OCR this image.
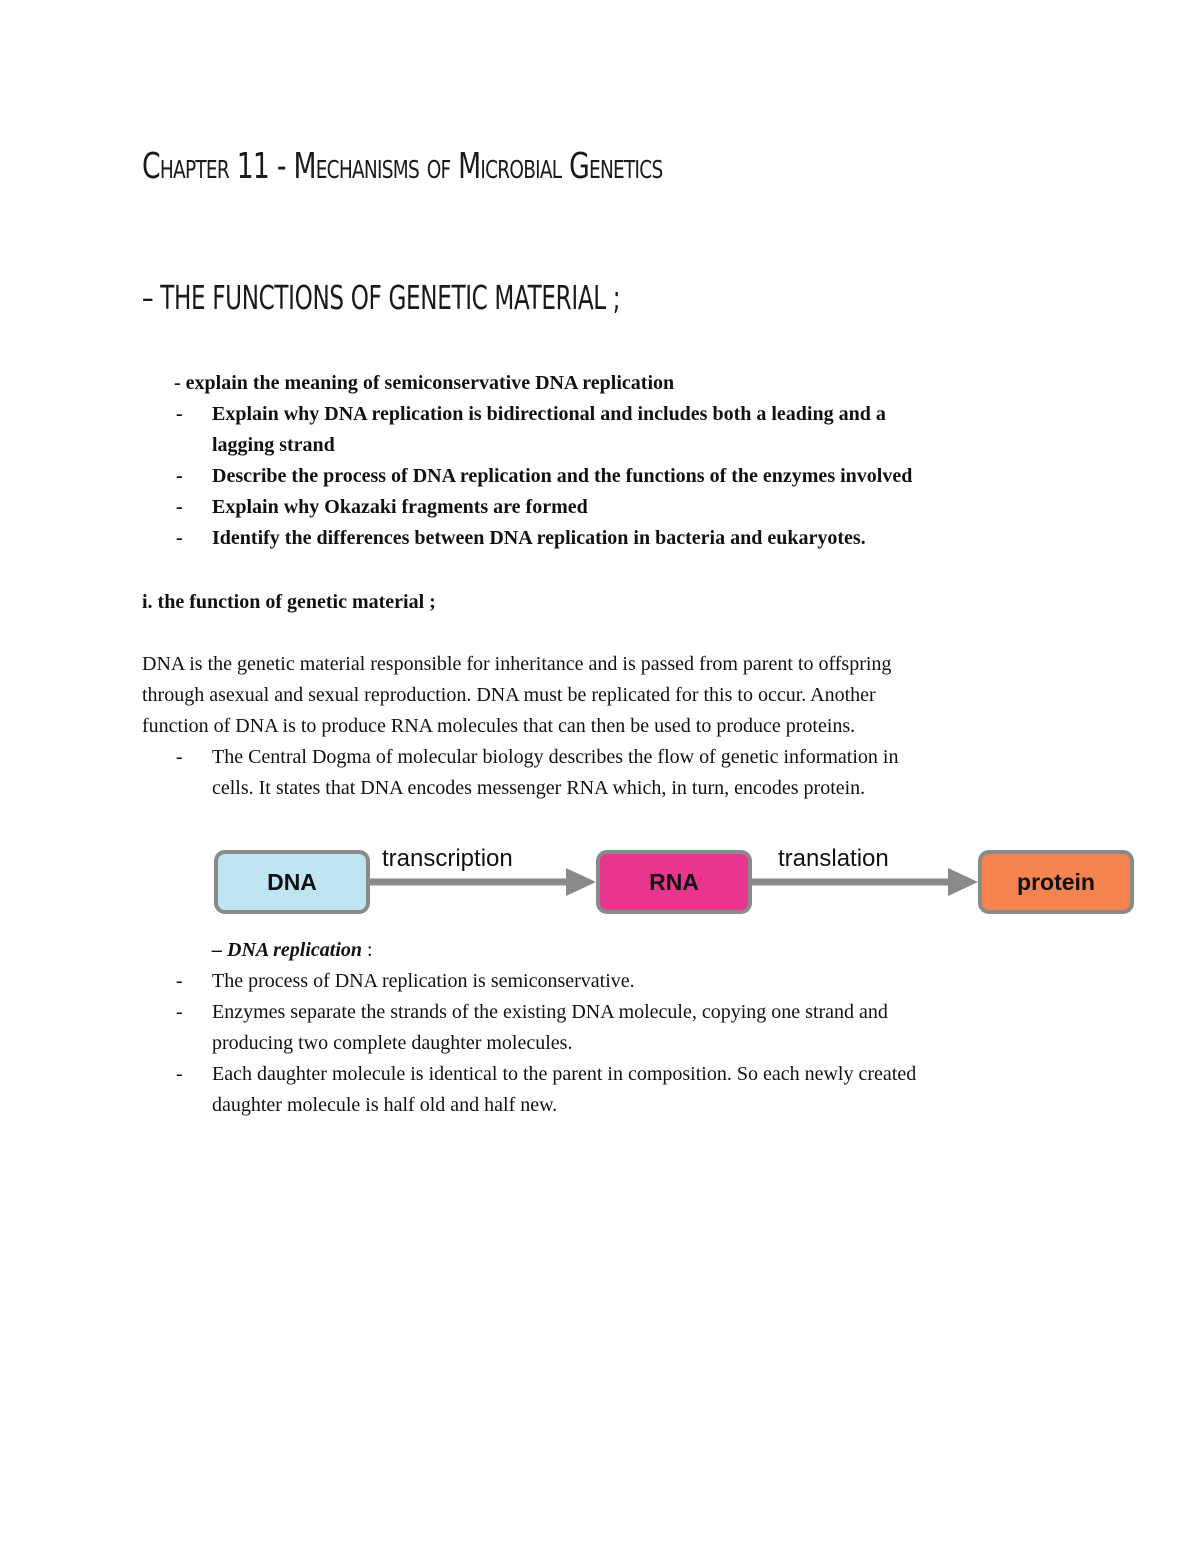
Chapter 11 - Mechanisms of Microbial Genetics
– THE FUNCTIONS OF GENETIC MATERIAL ;
- explain the meaning of semiconservative DNA replication
- Explain why DNA replication is bidirectional and includes both a leading and a
lagging strand
- Describe the process of DNA replication and the functions of the enzymes involved
- Explain why Okazaki fragments are formed
- Identify the differences between DNA replication in bacteria and eukaryotes.
i. the function of genetic material ;
DNA is the genetic material responsible for inheritance and is passed from parent to offspring
through asexual and sexual reproduction. DNA must be replicated for this to occur. Another
function of DNA is to produce RNA molecules that can then be used to produce proteins.
- The Central Dogma of molecular biology describes the flow of genetic information in
cells. It states that DNA encodes messenger RNA which, in turn, encodes protein.
transcription	translation
DNA	RNA	protein
– DNA replication :
- The process of DNA replication is semiconservative.
- Enzymes separate the strands of the existing DNA molecule, copying one strand and
producing two complete daughter molecules.
- Each daughter molecule is identical to the parent in composition. So each newly created
daughter molecule is half old and half new.
